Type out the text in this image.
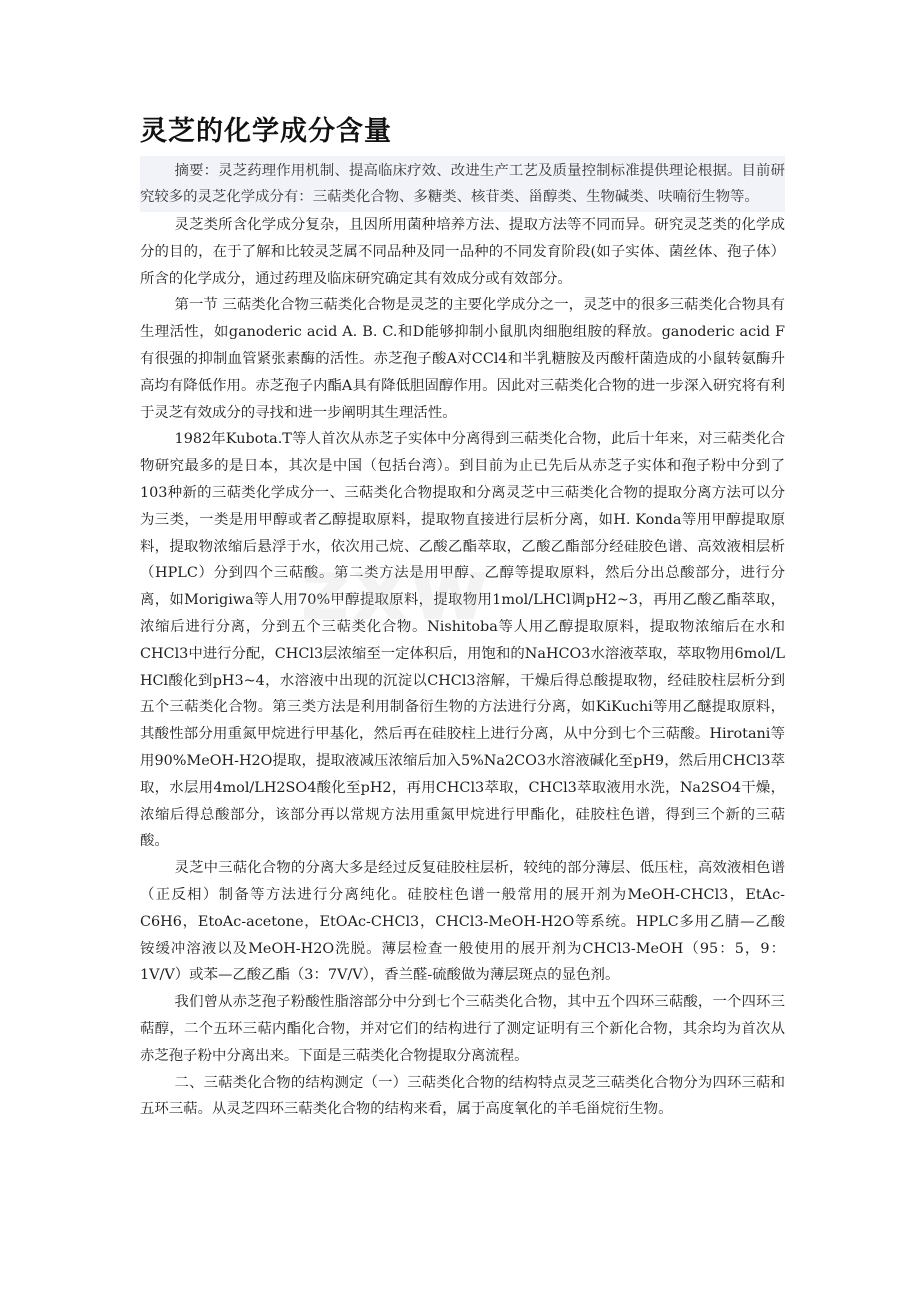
灵芝的化学成分含量

摘要：灵芝药理作用机制、提高临床疗效、改进生产工艺及质量控制标准提供理论根据。目前研究较多的灵芝化学成分有：三萜类化合物、多糖类、核苷类、甾醇类、生物碱类、呋喃衍生物等。

灵芝类所含化学成分复杂，且因所用菌种培养方法、提取方法等不同而异。研究灵芝类的化学成分的目的，在于了解和比较灵芝属不同品种及同一品种的不同发育阶段(如子实体、菌丝体、孢子体）所含的化学成分，通过药理及临床研究确定其有效成分或有效部分。

第一节 三萜类化合物三萜类化合物是灵芝的主要化学成分之一，灵芝中的很多三萜类化合物具有生理活性，如ganoderic acid A. B. C.和D能够抑制小鼠肌肉细胞组胺的释放。ganoderic acid F有很强的抑制血管紧张素酶的活性。赤芝孢子酸A对CCl4和半乳糖胺及丙酸杆菌造成的小鼠转氨酶升高均有降低作用。赤芝孢子内酯A具有降低胆固醇作用。因此对三萜类化合物的进一步深入研究将有利于灵芝有效成分的寻找和进一步阐明其生理活性。

1982年Kubota.T等人首次从赤芝子实体中分离得到三萜类化合物，此后十年来，对三萜类化合物研究最多的是日本，其次是中国（包括台湾）。到目前为止已先后从赤芝子实体和孢子粉中分到了103种新的三萜类化学成分一、三萜类化合物提取和分离灵芝中三萜类化合物的提取分离方法可以分为三类，一类是用甲醇或者乙醇提取原料，提取物直接进行层析分离，如H. Konda等用甲醇提取原料，提取物浓缩后悬浮于水，依次用己烷、乙酸乙酯萃取，乙酸乙酯部分经硅胶色谱、高效液相层析（HPLC）分到四个三萜酸。第二类方法是用甲醇、乙醇等提取原料，然后分出总酸部分，进行分离，如Morigiwa等人用70%甲醇提取原料，提取物用1mol/LHCl调pH2~3，再用乙酸乙酯萃取，浓缩后进行分离，分到五个三萜类化合物。Nishitoba等人用乙醇提取原料，提取物浓缩后在水和CHCl3中进行分配，CHCl3层浓缩至一定体积后，用饱和的NaHCO3水溶液萃取，萃取物用6mol/L HCl酸化到pH3~4，水溶液中出现的沉淀以CHCl3溶解，干燥后得总酸提取物，经硅胶柱层析分到五个三萜类化合物。第三类方法是利用制备衍生物的方法进行分离，如KiKuchi等用乙醚提取原料，其酸性部分用重氮甲烷进行甲基化，然后再在硅胶柱上进行分离，从中分到七个三萜酸。Hirotani等用90%MeOH-H2O提取，提取液减压浓缩后加入5%Na2CO3水溶液碱化至pH9，然后用CHCl3萃取，水层用4mol/LH2SO4酸化至pH2，再用CHCl3萃取，CHCl3萃取液用水洗，Na2SO4干燥，浓缩后得总酸部分，该部分再以常规方法用重氮甲烷进行甲酯化，硅胶柱色谱，得到三个新的三萜酸。

灵芝中三萜化合物的分离大多是经过反复硅胶柱层析，较纯的部分薄层、低压柱，高效液相色谱（正反相）制备等方法进行分离纯化。硅胶柱色谱一般常用的展开剂为MeOH-CHCl3，EtAc-C6H6，EtoAc-acetone，EtOAc-CHCl3，CHCl3-MeOH-H2O等系统。HPLC多用乙腈—乙酸铵缓冲溶液以及MeOH-H2O洗脱。薄层检查一般使用的展开剂为CHCl3-MeOH（95：5，9：1V/V）或苯—乙酸乙酯（3：7V/V），香兰醛-硫酸做为薄层斑点的显色剂。

我们曾从赤芝孢子粉酸性脂溶部分中分到七个三萜类化合物，其中五个四环三萜酸，一个四环三萜醇，二个五环三萜内酯化合物，并对它们的结构进行了测定证明有三个新化合物，其余均为首次从赤芝孢子粉中分离出来。下面是三萜类化合物提取分离流程。

二、三萜类化合物的结构测定（一）三萜类化合物的结构特点灵芝三萜类化合物分为四环三萜和五环三萜。从灵芝四环三萜类化合物的结构来看，属于高度氧化的羊毛甾烷衍生物。

zxw
